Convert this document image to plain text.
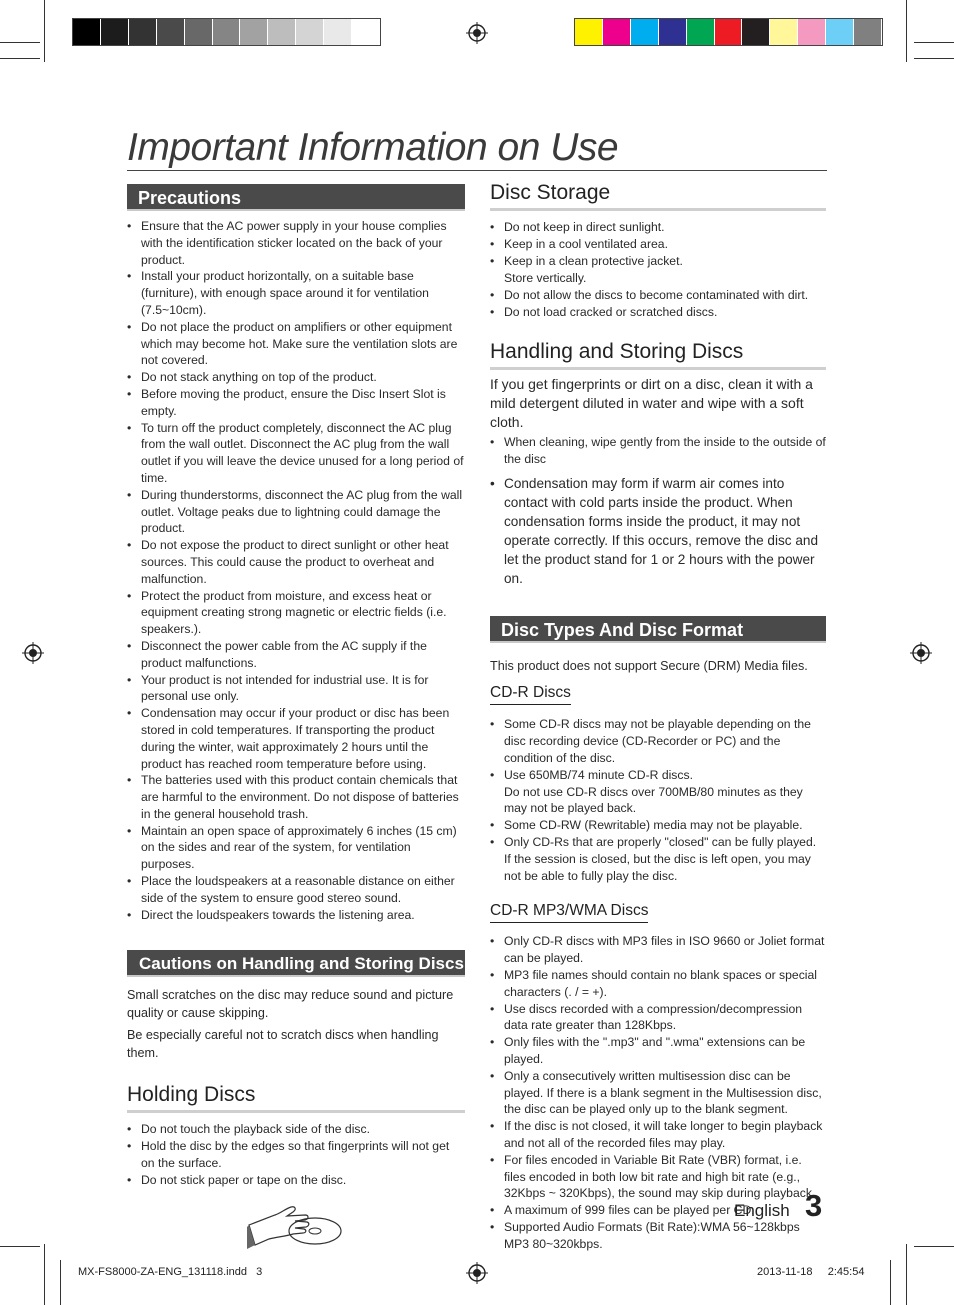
Important Information on Use
Precautions
• Ensure that the AC power supply in your house complies with the identification sticker located on the back of your product.
• Install your product horizontally, on a suitable base (furniture), with enough space around it for ventilation (7.5~10cm).
• Do not place the product on amplifiers or other equipment which may become hot. Make sure the ventilation slots are not covered.
• Do not stack anything on top of the product.
• Before moving the product, ensure the Disc Insert Slot is empty.
• To turn off the product completely, disconnect the AC plug from the wall outlet. Disconnect the AC plug from the wall outlet if you will leave the device unused for a long period of time.
• During thunderstorms, disconnect the AC plug from the wall outlet. Voltage peaks due to lightning could damage the product.
• Do not expose the product to direct sunlight or other heat sources. This could cause the product to overheat and malfunction.
• Protect the product from moisture, and excess heat or equipment creating strong magnetic or electric fields (i.e. speakers.).
• Disconnect the power cable from the AC supply if the product malfunctions.
• Your product is not intended for industrial use. It is for personal use only.
• Condensation may occur if your product or disc has been stored in cold temperatures. If transporting the product during the winter, wait approximately 2 hours until the product has reached room temperature before using.
• The batteries used with this product contain chemicals that are harmful to the environment. Do not dispose of batteries in the general household trash.
• Maintain an open space of approximately 6 inches (15 cm) on the sides and rear of the system, for ventilation purposes.
• Place the loudspeakers at a reasonable distance on either side of the system to ensure good stereo sound.
• Direct the loudspeakers towards the listening area.
Cautions on Handling and Storing Discs

Small scratches on the disc may reduce sound and picture quality or cause skipping.

Be especially careful not to scratch discs when handling them.

Holding Discs
• Do not touch the playback side of the disc.
• Hold the disc by the edges so that fingerprints will not get on the surface.
• Do not stick paper or tape on the disc.
Disc Storage
• Do not keep in direct sunlight.
• Keep in a cool ventilated area.
• Keep in a clean protective jacket.
Store vertically.
• Do not allow the discs to become contaminated with dirt.
• Do not load cracked or scratched discs.
Handling and Storing Discs

If you get fingerprints or dirt on a disc, clean it with a mild detergent diluted in water and wipe with a soft cloth.

• When cleaning, wipe gently from the inside to the outside of the disc
• Condensation may form if warm air comes into contact with cold parts inside the product. When condensation forms inside the product, it may not operate correctly. If this occurs, remove the disc and let the product stand for 1 or 2 hours with the power on.
Disc Types And Disc Format

This product does not support Secure (DRM) Media files.

CD-R Discs
• Some CD-R discs may not be playable depending on the disc recording device (CD-Recorder or PC) and the condition of the disc.
• Use 650MB/74 minute CD-R discs.
Do not use CD-R discs over 700MB/80 minutes as they may not be played back.
• Some CD-RW (Rewritable) media may not be playable.
• Only CD-Rs that are properly "closed" can be fully played. If the session is closed, but the disc is left open, you may not be able to fully play the disc.
CD-R MP3/WMA Discs
• Only CD-R discs with MP3 files in ISO 9660 or Joliet format can be played.
• MP3 file names should contain no blank spaces or special characters (. / = +).
• Use discs recorded with a compression/decompression data rate greater than 128Kbps.
• Only files with the ".mp3" and ".wma" extensions can be played.
• Only a consecutively written multisession disc can be played. If there is a blank segment in the Multisession disc, the disc can be played only up to the blank segment.
• If the disc is not closed, it will take longer to begin playback and not all of the recorded files may play.
• For files encoded in Variable Bit Rate (VBR) format, i.e. files encoded in both low bit rate and high bit rate (e.g., 32Kbps ~ 320Kbps), the sound may skip during playback.
• A maximum of 999 files can be played per CD.
• Supported Audio Formats (Bit Rate):WMA 56~128kbps
MP3 80~320kbps.
English 3
MX-FS8000-ZA-ENG_131118.indd   3	2013-11-18     2:45:54
